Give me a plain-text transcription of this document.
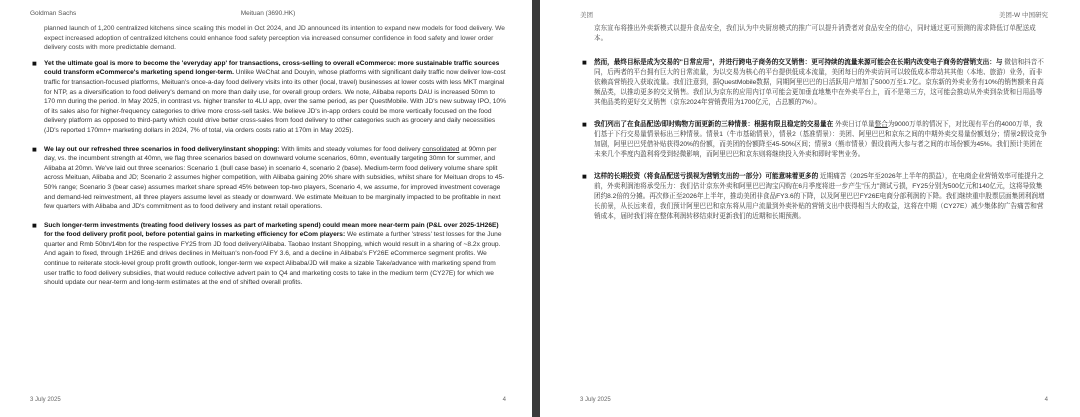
Goldman Sachs	Meituan (3690.HK)

planned launch of 1,200 centralized kitchens since scaling this model in Oct 2024, and JD announced its intention to expand new models for food delivery. We expect increased adoption of centralized kitchens could enhance food safety perception via increased consumer confidence in food safety and lower order delivery costs with more predictable demand.

■ Yet the ultimate goal is more to become the 'everyday app' for transactions, cross-selling to overall eCommerce: more sustainable traffic sources could transform eCommerce's marketing spend longer-term. Unlike WeChat and Douyin, whose platforms with significant daily traffic now deliver low-cost traffic for transaction-focused platforms, Meituan's once-a-day food delivery visits into its other (local, travel) businesses at lower costs with less MKT marginal for NTP, as a diversification to food delivery's demand on more than daily use, for overall group orders. We note, Alibaba reports DAU is increased 50mn to 170 mn during the period. In May 2025, in contrast vs. higher transfer to 4LU app, over the same period, as per QuestMobile. With JD's new subway IPO, 10% of its sales also for higher-frequency categories to drive more cross-sell tasks. We believe JD's in-app orders could be more vertically focused on the food delivery platform as opposed to third-party which could drive better cross-sales from food delivery to other categories such as grocery and daily necessities (JD's reported 170mn+ marketing dollars in 2024, 7% of total, via orders costs ratio at 170m in May 2025).
■ We lay out our refreshed three scenarios in food delivery/instant shopping: With limits and steady volumes for food delivery consolidated at 90mn per day, vs. the incumbent strength at 40mn, we flag three scenarios based on downward volume scenarios, 60mn, eventually targeting 30mn for summer, and Alibaba at 20mn. We've laid out three scenarios: Scenario 1 (bull case base) in scenario 4, scenario 2 (base). Medium-term food delivery volume share split across Meituan, Alibaba and JD; Scenario 2 assumes higher competition, with Alibaba gaining 20% share with subsidies, whilst share for Meituan drops to 45-50% range; Scenario 3 (bear case) assumes market share spread 45% between top-two players, Scenario 4, we assume, for improved investment coverage and demand-led reinvestment, all three players assume level as steady or downward. We estimate Meituan to be marginally impacted to be profitable in next few quarters with Alibaba and JD's commitment as to food delivery and instant retail operations.
■ Such longer-term investments (treating food delivery losses as part of marketing spend) could mean more near-term pain (P&L over 2025-1H26E) for the food delivery profit pool, before potential gains in marketing efficiency for eCom players: We estimate a further 'stress' test losses for the June quarter and Rmb 50bn/14bn for the respective FY25 from JD food delivery/Alibaba. Taobao Instant Shopping, which would result in a sharing of ~8.2x group. And again to fixed, through 1H26E and drives declines in Meituan's non-food FY 3.6, and a decline in Alibaba's FY26E eCommerce segment profits. We continue to reiterate stock-level group profit growth outlook, longer-term we expect Alibaba/JD will make a sizable Take/advance with marketing spend from user traffic to food delivery subsidies, that would reduce collective advert pain to Q4 and marketing costs to take in the medium term (CY27E) for which we should update our near-term and long-term estimates at the end of shifted overall profits.
3 July 2025	4
美团	美团-W 中国研究

京东宣布将推出外卖新模式以提升食品安全，我们认为中央厨房模式的推广可以提升消费者对食品安全的信心，同时通过更可预测的需求降低订单配送成本。

■ 然而，最终目标是成为交易的"日常应用"，并进行跨电子商务的交叉销售：更可持续的流量来源可能会在长期内改变电子商务的营销支出：与 微信和抖音不同，后两者的平台拥有巨大的日常流量，为以交易为核心的平台提供低成本流量，美团每日的外卖访问可以较低成本带动其其他（本地、旅游）业务，而非依赖高营销投入获取流量。我们注意到，据QuestMobile数据，同期阿里巴巴的日活跃用户增加了5000万至1.7亿。京东新的外卖业务有10%的销售额来自高频品类，以推动更多的交叉销售。我们认为京东的应用内订单可能会更加垂直地集中在外卖平台上，而不是第三方，这可能会推动从外卖到杂货和日用品等其他品类的更好交叉销售（京东2024年营销费用为1700亿元，占总额的7%）。
■ 我们列出了在食品配送/即时购物方面更新的三种情景：根据有限且稳定的交易量在 外卖日订单量整合为9000万单的情况下，对比现有平台的4000万单，我们基于下行交易量情景标出三种情景。情景1（牛市基础情景），情景2（基准情景）：美团、阿里巴巴和京东之间的中期外卖交易量份额划分；情景2假设竞争加剧，阿里巴巴凭借补贴获得20%的份额，而美团的份额降至45-50%区间；情景3（熊市情景）假设前两大参与者之间的市场份额为45%。我们预计美团在未来几个季度内盈利将受到轻微影响，而阿里巴巴和京东则将继续投入外卖和即时零售业务。
■ 这样的长期投资（将食品配送亏损视为营销支出的一部分）可能意味着更多的 近期痛苦（2025年至2026年上半年的损益），在电商企业营销效率可能提升之前，外卖利润池将承受压力：我们估计京东外卖和阿里巴巴淘宝闪购在6月季度将进一步产生"压力"测试亏损，FY25分别为500亿元和140亿元，这将导致集团约8.2倍的分摊。再次修正至2026年上半年，推动美团非食品FY3.6的下降，以及阿里巴巴FY26E电商分部利润的下降。我们继续重申股票层面集团利润增长前景，从长远来看，我们预计阿里巴巴和京东将从用户流量到外卖补贴的营销支出中获得相当大的收益，这将在中期（CY27E）减少集体的广告痛苦和营销成本，届时我们将在整体利润转移结束时更新我们的近期和长期预测。
3 July 2025	4
